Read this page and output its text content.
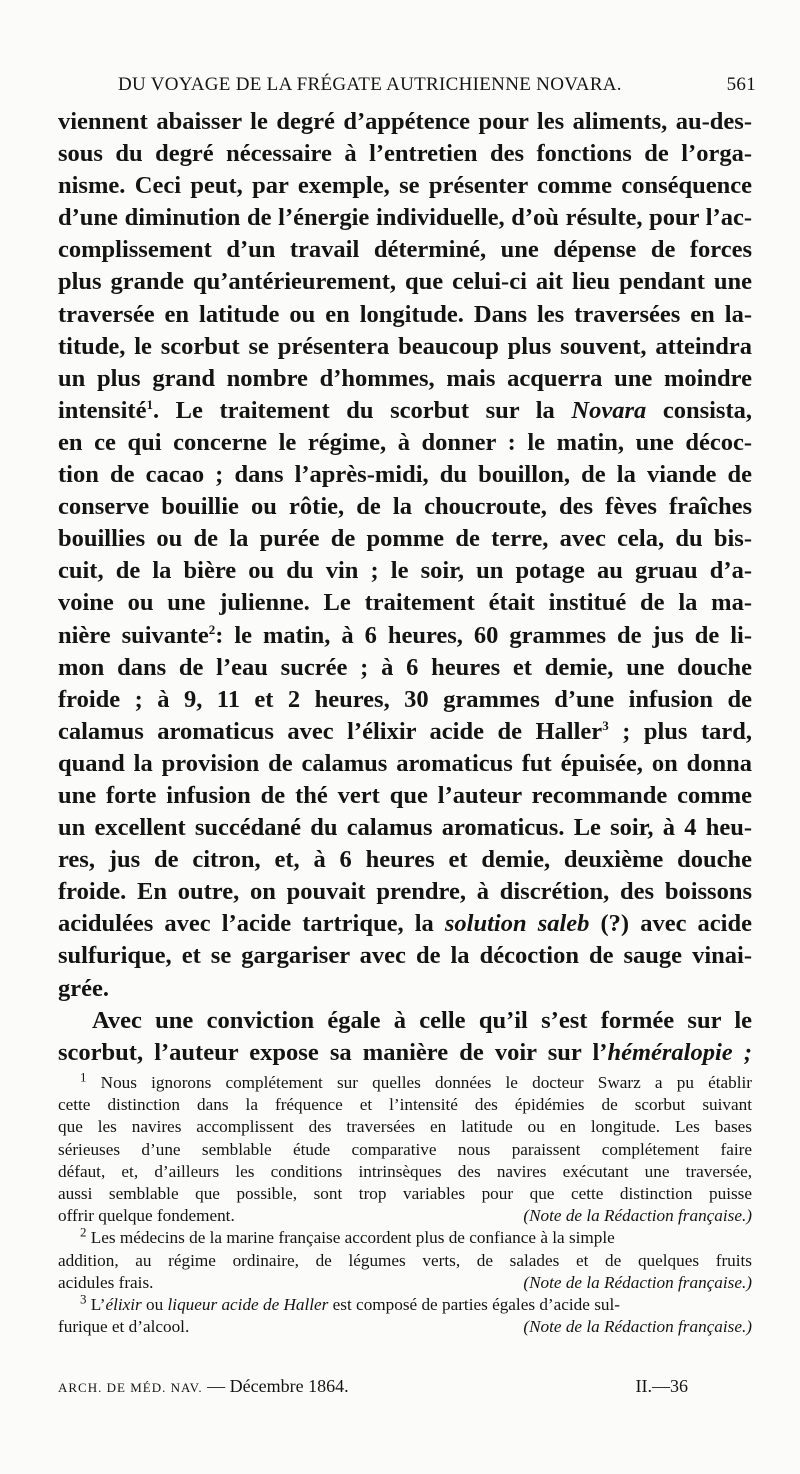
DU VOYAGE DE LA FRÉGATE AUTRICHIENNE NOVARA.	561
viennent abaisser le degré d’appétence pour les aliments, au-des-
sous du degré nécessaire à l’entretien des fonctions de l’orga-
nisme. Ceci peut, par exemple, se présenter comme conséquence
d’une diminution de l’énergie individuelle, d’où résulte, pour l’ac-
complissement d’un travail déterminé, une dépense de forces
plus grande qu’antérieurement, que celui-ci ait lieu pendant une
traversée en latitude ou en longitude. Dans les traversées en la-
titude, le scorbut se présentera beaucoup plus souvent, atteindra
un plus grand nombre d’hommes, mais acquerra une moindre
intensité$^1$. Le traitement du scorbut sur la Novara consista,
en ce qui concerne le régime, à donner : le matin, une décoc-
tion de cacao ; dans l’après-midi, du bouillon, de la viande de
conserve bouillie ou rôtie, de la choucroute, des fèves fraîches
bouillies ou de la purée de pomme de terre, avec cela, du bis-
cuit, de la bière ou du vin ; le soir, un potage au gruau d’a-
voine ou une julienne. Le traitement était institué de la ma-
nière suivante$^2$: le matin, à 6 heures, 60 grammes de jus de li-
mon dans de l’eau sucrée ; à 6 heures et demie, une douche
froide ; à 9, 11 et 2 heures, 30 grammes d’une infusion de
calamus aromaticus avec l’élixir acide de Haller$^3$ ; plus tard,
quand la provision de calamus aromaticus fut épuisée, on donna
une forte infusion de thé vert que l’auteur recommande comme
un excellent succédané du calamus aromaticus. Le soir, à 4 heu-
res, jus de citron, et, à 6 heures et demie, deuxième douche
froide. En outre, on pouvait prendre, à discrétion, des boissons
acidulées avec l’acide tartrique, la solution saleb (?) avec acide
sulfurique, et se gargariser avec de la décoction de sauge vinai-
grée.
Avec une conviction égale à celle qu’il s’est formée sur le
scorbut, l’auteur expose sa manière de voir sur l’héméralopie ;
$^1$ Nous ignorons complétement sur quelles données le docteur Swarz a pu établir
cette distinction dans la fréquence et l’intensité des épidémies de scorbut suivant
que les navires accomplissent des traversées en latitude ou en longitude. Les bases
sérieuses d’une semblable étude comparative nous paraissent complétement faire
défaut, et, d’ailleurs les conditions intrinsèques des navires exécutant une traversée,
aussi semblable que possible, sont trop variables pour que cette distinction puisse
offrir quelque fondement.	(Note de la Rédaction française.)
$^2$ Les médecins de la marine française accordent plus de confiance à la simple
addition, au régime ordinaire, de légumes verts, de salades et de quelques fruits
acidules frais.	(Note de la Rédaction française.)
$^3$ L’élixir ou liqueur acide de Haller est composé de parties égales d’acide sul-
furique et d’alcool.	(Note de la Rédaction française.)
ARCH. DE MÉD. NAV. — Décembre 1864.	II.—36
